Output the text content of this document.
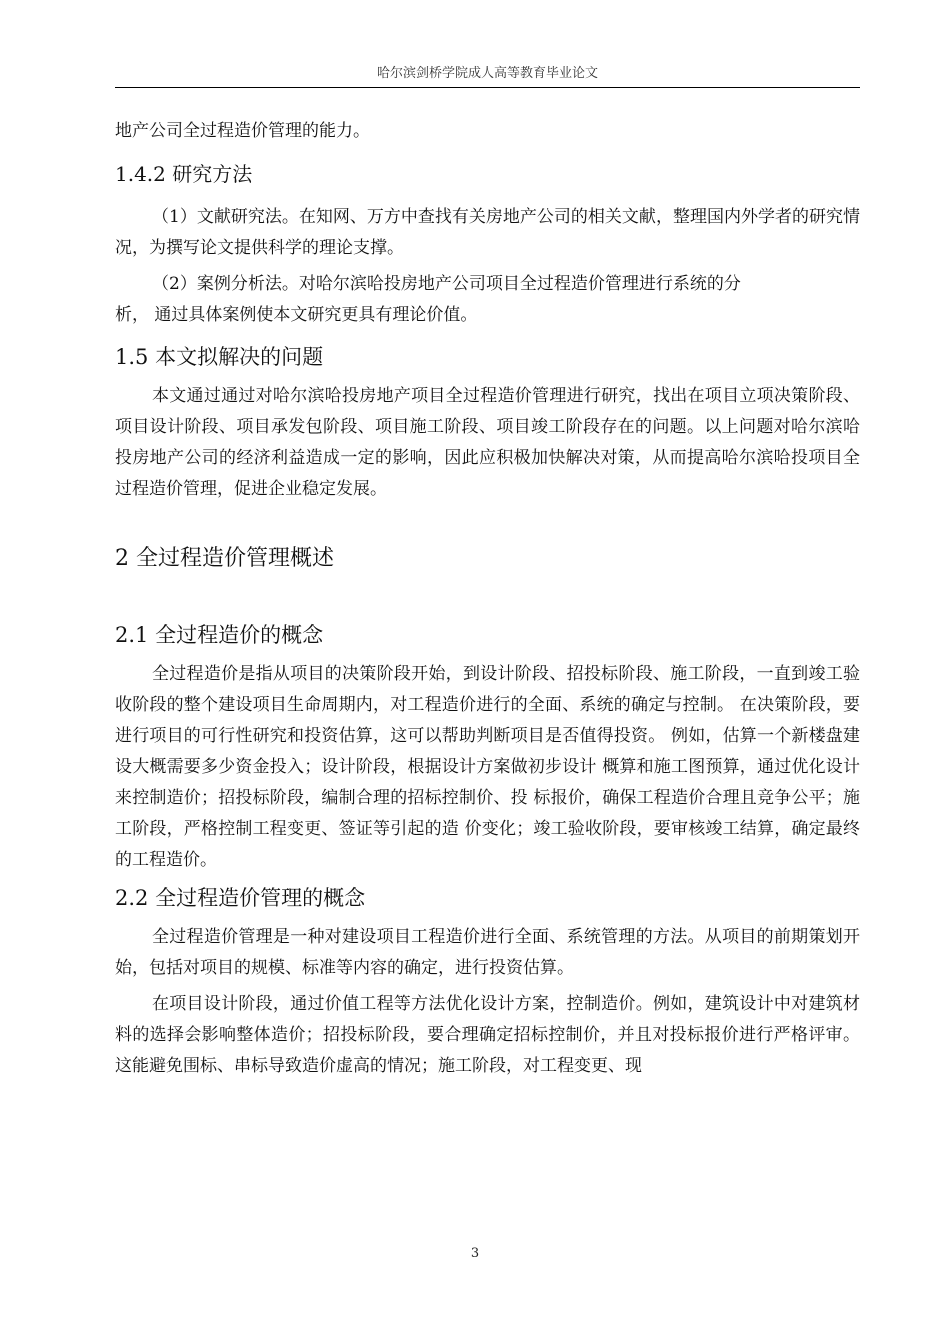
哈尔滨剑桥学院成人高等教育毕业论文

地产公司全过程造价管理的能力。

1.4.2 研究方法

（1）文献研究法。在知网、万方中查找有关房地产公司的相关文献，整理国内外学者的研究情况，为撰写论文提供科学的理论支撑。

（2）案例分析法。对哈尔滨哈投房地产公司项目全过程造价管理进行系统的分

析， 通过具体案例使本文研究更具有理论价值。

1.5 本文拟解决的问题

本文通过通过对哈尔滨哈投房地产项目全过程造价管理进行研究，找出在项目立项决策阶段、项目设计阶段、项目承发包阶段、项目施工阶段、项目竣工阶段存在的问题。以上问题对哈尔滨哈投房地产公司的经济利益造成一定的影响，因此应积极加快解决对策，从而提高哈尔滨哈投项目全过程造价管理，促进企业稳定发展。

2 全过程造价管理概述
2.1 全过程造价的概念

全过程造价是指从项目的决策阶段开始，到设计阶段、招投标阶段、施工阶段，一直到竣工验收阶段的整个建设项目生命周期内，对工程造价进行的全面、系统的确定与控制。 在决策阶段，要进行项目的可行性研究和投资估算，这可以帮助判断项目是否值得投资。 例如，估算一个新楼盘建设大概需要多少资金投入；设计阶段，根据设计方案做初步设计 概算和施工图预算，通过优化设计来控制造价；招投标阶段，编制合理的招标控制价、投 标报价，确保工程造价合理且竞争公平；施工阶段，严格控制工程变更、签证等引起的造 价变化；竣工验收阶段，要审核竣工结算，确定最终的工程造价。

2.2 全过程造价管理的概念

全过程造价管理是一种对建设项目工程造价进行全面、系统管理的方法。从项目的前期策划开始，包括对项目的规模、标准等内容的确定，进行投资估算。

在项目设计阶段，通过价值工程等方法优化设计方案，控制造价。例如，建筑设计中对建筑材料的选择会影响整体造价；招投标阶段，要合理确定招标控制价，并且对投标报价进行严格评审。这能避免围标、串标导致造价虚高的情况；施工阶段，对工程变更、现

3
